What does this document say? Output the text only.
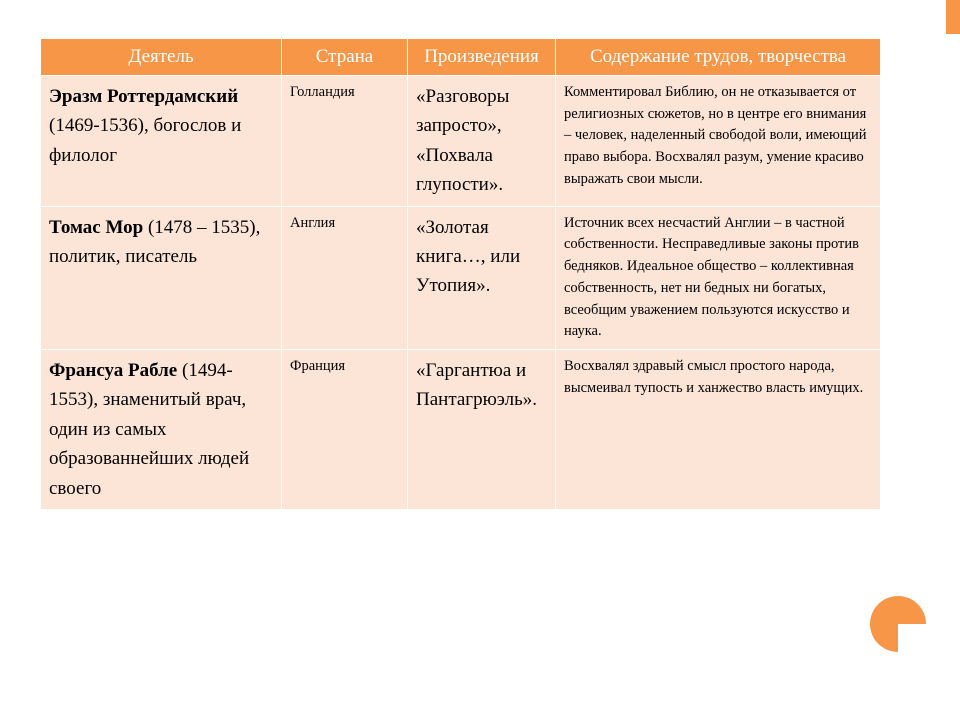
Деятель	Страна	Произведения	Содержание трудов, творчества
Эразм Роттердамский (1469-1536), богослов и филолог	Голландия	«Разговоры запросто», «Похвала глупости».	Комментировал Библию, он не отказывается от религиозных сюжетов, но в центре его внимания – человек, наделенный свободой воли, имеющий право выбора. Восхвалял разум, умение красиво выражать свои мысли.
Томас Мор (1478 – 1535), политик, писатель	Англия	«Золотая книга…, или Утопия».	Источник всех несчастий Англии – в частной собственности. Несправедливые законы против бедняков. Идеальное общество – коллективная собственность, нет ни бедных ни богатых, всеобщим уважением пользуются искусство и наука.
Франсуа Рабле (1494-1553), знаменитый врач, один из самых образованнейших людей своего	Франция	«Гаргантюа и Пантагрюэль».	Восхвалял здравый смысл простого народа, высмеивал тупость и ханжество власть имущих.
